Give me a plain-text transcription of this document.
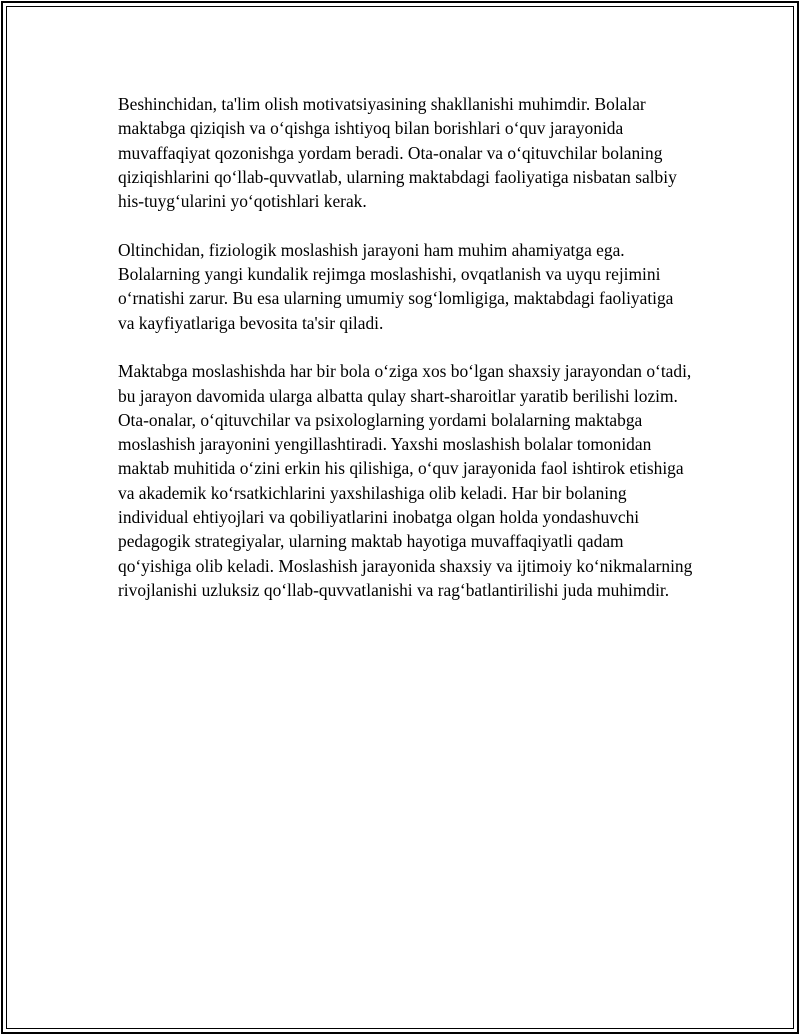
Beshinchidan, ta'lim olish motivatsiyasining shakllanishi muhimdir. Bolalar maktabga qiziqish va o‘qishga ishtiyoq bilan borishlari o‘quv jarayonida muvaffaqiyat qozonishga yordam beradi. Ota-onalar va o‘qituvchilar bolaning qiziqishlarini qo‘llab-quvvatlab, ularning maktabdagi faoliyatiga nisbatan salbiy his-tuyg‘ularini yo‘qotishlari kerak.

Oltinchidan, fiziologik moslashish jarayoni ham muhim ahamiyatga ega. Bolalarning yangi kundalik rejimga moslashishi, ovqatlanish va uyqu rejimini o‘rnatishi zarur. Bu esa ularning umumiy sog‘lomligiga, maktabdagi faoliyatiga va kayfiyatlariga bevosita ta'sir qiladi.

Maktabga moslashishda har bir bola o‘ziga xos bo‘lgan shaxsiy jarayondan o‘tadi, bu jarayon davomida ularga albatta qulay shart-sharoitlar yaratib berilishi lozim. Ota-onalar, o‘qituvchilar va psixologlarning yordami bolalarning maktabga moslashish jarayonini yengillashtiradi. Yaxshi moslashish bolalar tomonidan maktab muhitida o‘zini erkin his qilishiga, o‘quv jarayonida faol ishtirok etishiga va akademik ko‘rsatkichlarini yaxshilashiga olib keladi. Har bir bolaning individual ehtiyojlari va qobiliyatlarini inobatga olgan holda yondashuvchi pedagogik strategiyalar, ularning maktab hayotiga muvaffaqiyatli qadam qo‘yishiga olib keladi. Moslashish jarayonida shaxsiy va ijtimoiy ko‘nikmalarning rivojlanishi uzluksiz qo‘llab-quvvatlanishi va rag‘batlantirilishi juda muhimdir.
